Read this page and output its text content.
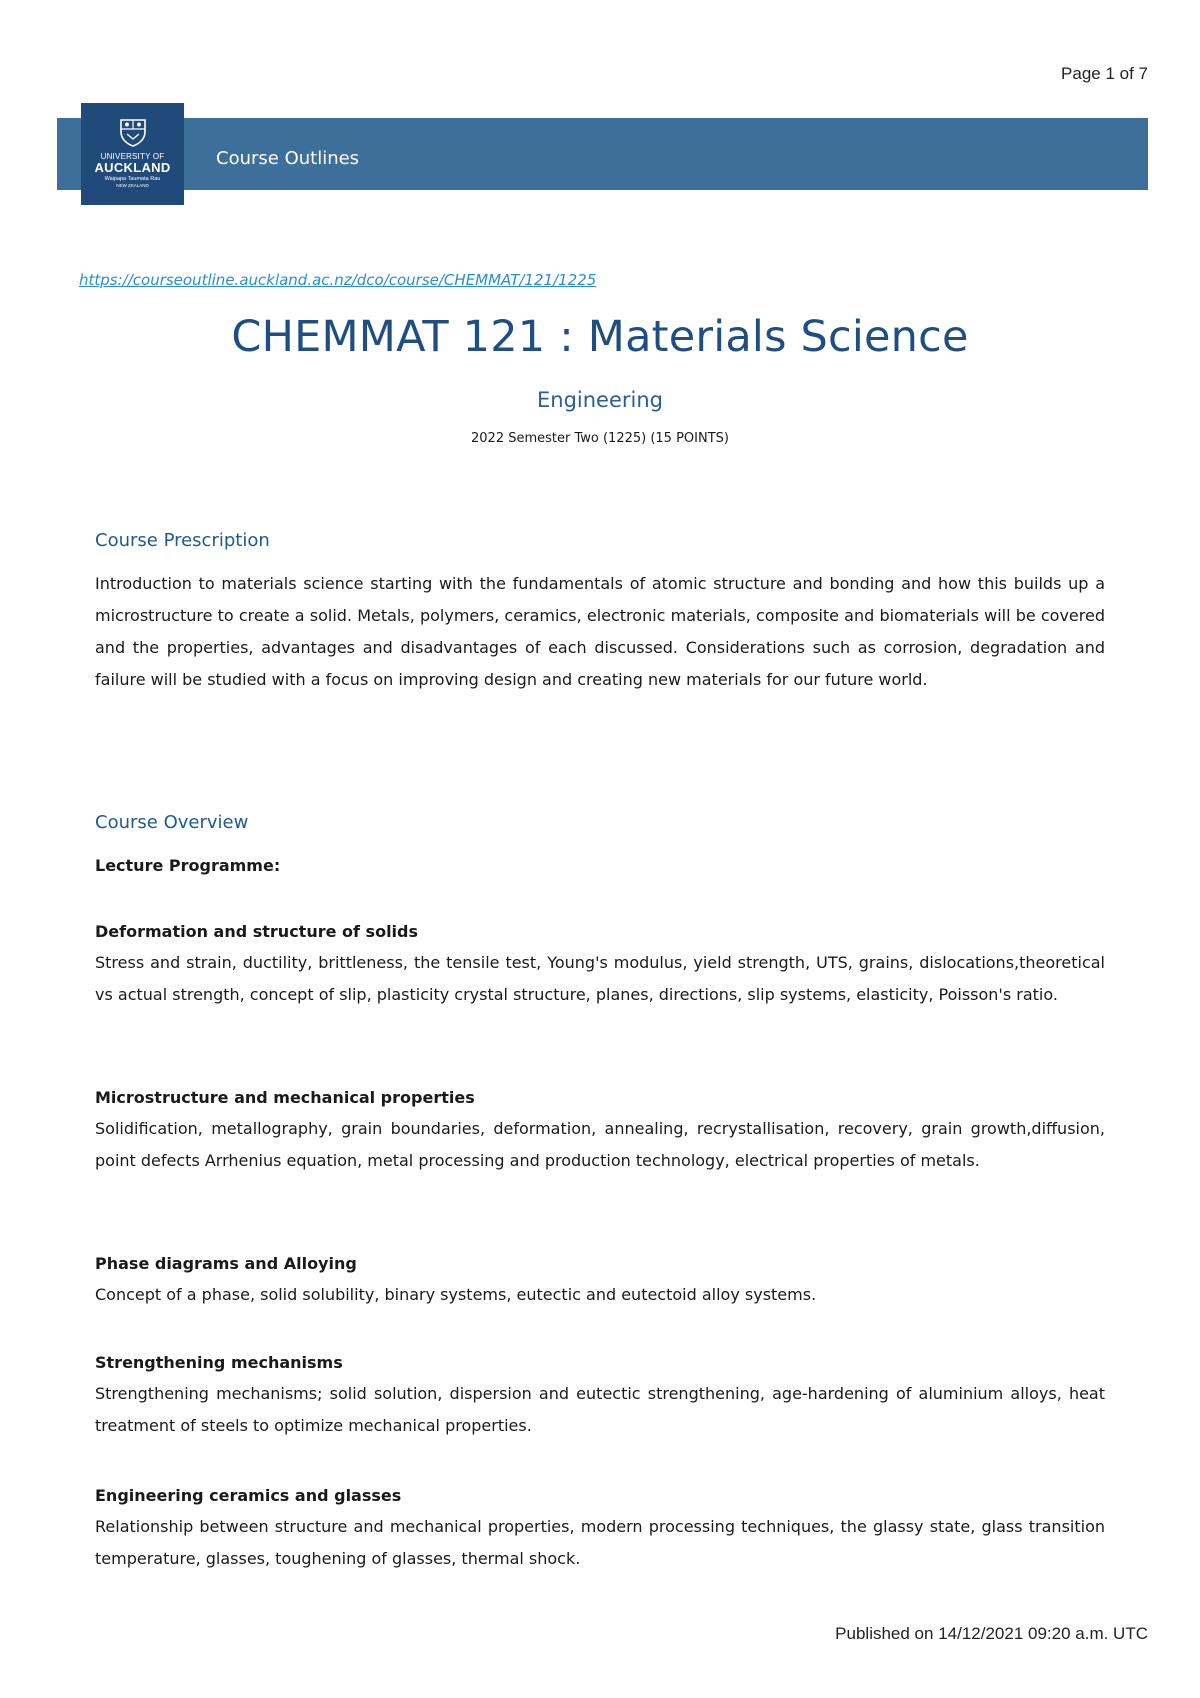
Page 1 of 7
UNIVERSITY OF
AUCKLAND
Waipapa Taumata Rau
NEW ZEALAND
Course Outlines
https://courseoutline.auckland.ac.nz/dco/course/CHEMMAT/121/1225
CHEMMAT 121 : Materials Science
Engineering
2022 Semester Two (1225) (15 POINTS)
Course Prescription
Introduction to materials science starting with the fundamentals of atomic structure and bonding and how this builds up a microstructure to create a solid. Metals, polymers, ceramics, electronic materials, composite and biomaterials will be covered and the properties, advantages and disadvantages of each discussed. Considerations such as corrosion, degradation and failure will be studied with a focus on improving design and creating new materials for our future world.
Course Overview
Lecture Programme:
Deformation and structure of solids
Stress and strain, ductility, brittleness, the tensile test, Young's modulus, yield strength, UTS, grains, dislocations,theoretical vs actual strength, concept of slip, plasticity crystal structure, planes, directions, slip systems, elasticity, Poisson's ratio.
Microstructure and mechanical properties
Solidification, metallography, grain boundaries, deformation, annealing, recrystallisation, recovery, grain growth,diffusion, point defects Arrhenius equation, metal processing and production technology, electrical properties of metals.
Phase diagrams and Alloying
Concept of a phase, solid solubility, binary systems, eutectic and eutectoid alloy systems.
Strengthening mechanisms
Strengthening mechanisms; solid solution, dispersion and eutectic strengthening, age-hardening of aluminium alloys, heat treatment of steels to optimize mechanical properties.
Engineering ceramics and glasses
Relationship between structure and mechanical properties, modern processing techniques, the glassy state, glass transition temperature, glasses, toughening of glasses, thermal shock.
Published on 14/12/2021 09:20 a.m. UTC
